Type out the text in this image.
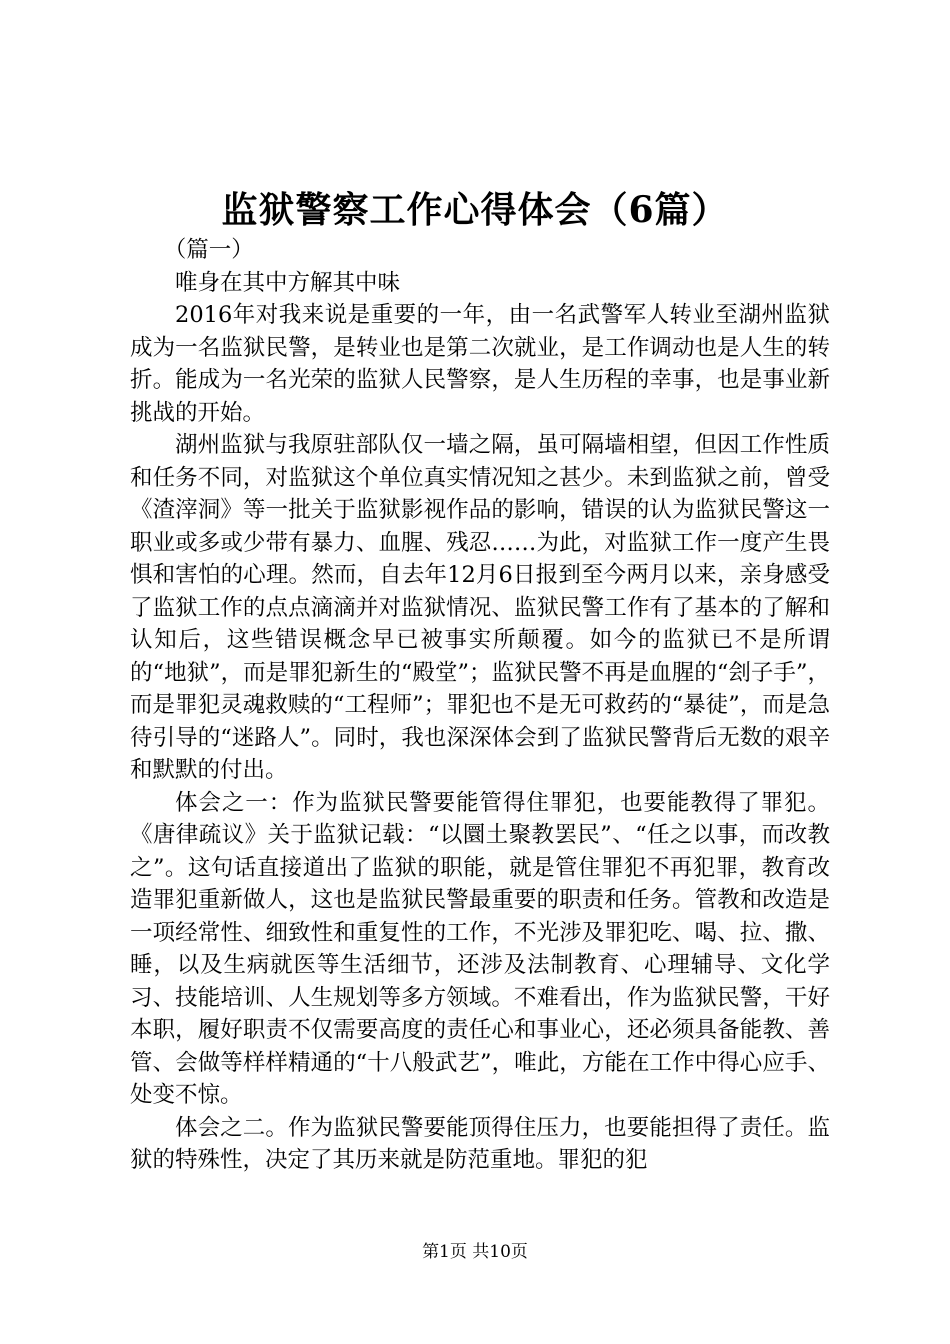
监狱警察工作心得体会（6篇）

（篇一）

唯身在其中方解其中味

2016年对我来说是重要的一年，由一名武警军人转业至湖州监狱成为一名监狱民警，是转业也是第二次就业，是工作调动也是人生的转折。能成为一名光荣的监狱人民警察，是人生历程的幸事，也是事业新挑战的开始。

湖州监狱与我原驻部队仅一墙之隔，虽可隔墙相望，但因工作性质和任务不同，对监狱这个单位真实情况知之甚少。未到监狱之前，曾受《渣滓洞》等一批关于监狱影视作品的影响，错误的认为监狱民警这一职业或多或少带有暴力、血腥、残忍……为此，对监狱工作一度产生畏惧和害怕的心理。然而，自去年12月6日报到至今两月以来，亲身感受了监狱工作的点点滴滴并对监狱情况、监狱民警工作有了基本的了解和认知后，这些错误概念早已被事实所颠覆。如今的监狱已不是所谓的“地狱”，而是罪犯新生的“殿堂”；监狱民警不再是血腥的“刽子手”，而是罪犯灵魂救赎的“工程师”；罪犯也不是无可救药的“暴徒”，而是急待引导的“迷路人”。同时，我也深深体会到了监狱民警背后无数的艰辛和默默的付出。

体会之一：作为监狱民警要能管得住罪犯，也要能教得了罪犯。《唐律疏议》关于监狱记载：“以圜土聚教罢民”、“任之以事，而改教之”。这句话直接道出了监狱的职能，就是管住罪犯不再犯罪，教育改造罪犯重新做人，这也是监狱民警最重要的职责和任务。管教和改造是一项经常性、细致性和重复性的工作，不光涉及罪犯吃、喝、拉、撒、睡，以及生病就医等生活细节，还涉及法制教育、心理辅导、文化学习、技能培训、人生规划等多方领域。不难看出，作为监狱民警，干好本职，履好职责不仅需要高度的责任心和事业心，还必须具备能教、善管、会做等样样精通的“十八般武艺”，唯此，方能在工作中得心应手、处变不惊。

体会之二。作为监狱民警要能顶得住压力，也要能担得了责任。监狱的特殊性，决定了其历来就是防范重地。罪犯的犯

第1页 共10页
